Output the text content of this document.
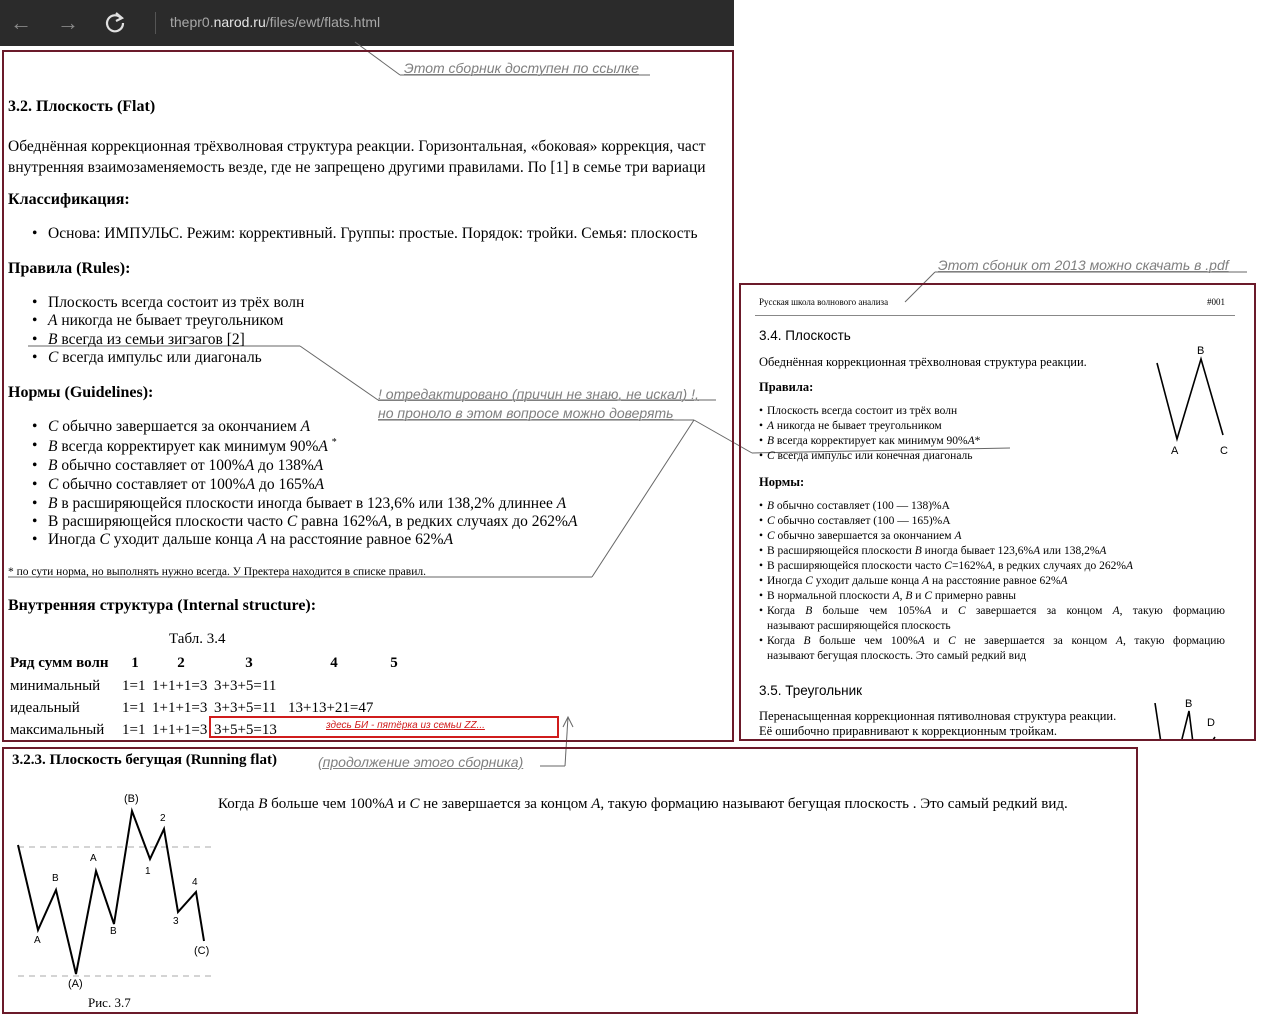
← →	thepr0.narod.ru/files/ewt/flats.html
Этот сборник доступен по ссылке
Этот сбоник от 2013 можно скачать в .pdf
! отредактировано (причин не знаю, не искал) !,
но проноло в этом вопросе можно доверять
(продолжение этого сборника)
3.2. Плоскость (Flat)
Обеднённая коррекционная трёхволновая структура реакции. Горизонтальная, «боковая» коррекция, част
внутренняя взаимозаменяемость везде, где не запрещено другими правилами. По [1] в семье три вариаци
Классификация:
• Основа: ИМПУЛЬС. Режим: коррективный. Группы: простые. Порядок: тройки. Семья: плоскость
Правила (Rules):
• Плоскость всегда состоит из трёх волн
• A никогда не бывает треугольником
• B всегда из семьи зигзагов [2]
• C всегда импульс или диагональ
Нормы (Guidelines):
• C обычно завершается за окончанием A
• B всегда корректирует как минимум 90%A *
• B обычно составляет от 100%A до 138%A
• C обычно составляет от 100%A до 165%A
• B в расширяющейся плоскости иногда бывает в 123,6% или 138,2% длиннее A
• В расширяющейся плоскости часто C равна 162%A, в редких случаях до 262%A
• Иногда C уходит дальше конца A на расстояние равное 62%A
* по сути норма, но выполнять нужно всегда. У Пректера находится в списке правил.
Внутренняя структура (Internal structure):
Табл. 3.4
Ряд сумм волн	1	2	3	4	5
минимальный	1=1	1+1+1=3	3+3+5=11		
идеальный	1=1	1+1+1=3	3+3+5=11	13+13+21=47	
максимальный	1=1	1+1+1=3	3+5+5=13			здесь БИ - пятёрка из семьи ZZ...
Русская школа волнового анализа	#001
3.4. Плоскость
Обеднённая коррекционная трёхволновая структура реакции.
Правила:
• Плоскость всегда состоит из трёх волн
• A никогда не бывает треугольником
• B всегда корректирует как минимум 90%A*
• C всегда импульс или конечная диагональ
Нормы:
• B обычно составляет (100 — 138)%A
• C обычно составляет (100 — 165)%A
• C обычно завершается за окончанием A
• В расширяющейся плоскости B иногда бывает 123,6%A или 138,2%A
• В расширяющейся плоскости часто C=162%A, в редких случаях до 262%A
• Иногда C уходит дальше конца A на расстояние равное 62%A
• В нормальной плоскости A, B и C примерно равны
• Когда B больше чем 105%A и C завершается за концом A, такую формацию
называют расширяющейся плоскость
• Когда B больше чем 100%A и C не завершается за концом A, такую формацию
называют бегущая плоскость. Это самый редкий вид
3.5. Треугольник
Перенасыщенная коррекционная пятиволновая структура реакции.
Её ошибочно приравнивают к коррекционным тройкам.
A
B
C
B
D
3.2.3. Плоскость бегущая (Running flat)
Когда B больше чем 100%A и C не завершается за концом A, такую формацию называют бегущая плоскость . Это самый редкий вид.
A
B
A
B
(B)
(A)
(C)
1
2
3
4
Рис. 3.7
